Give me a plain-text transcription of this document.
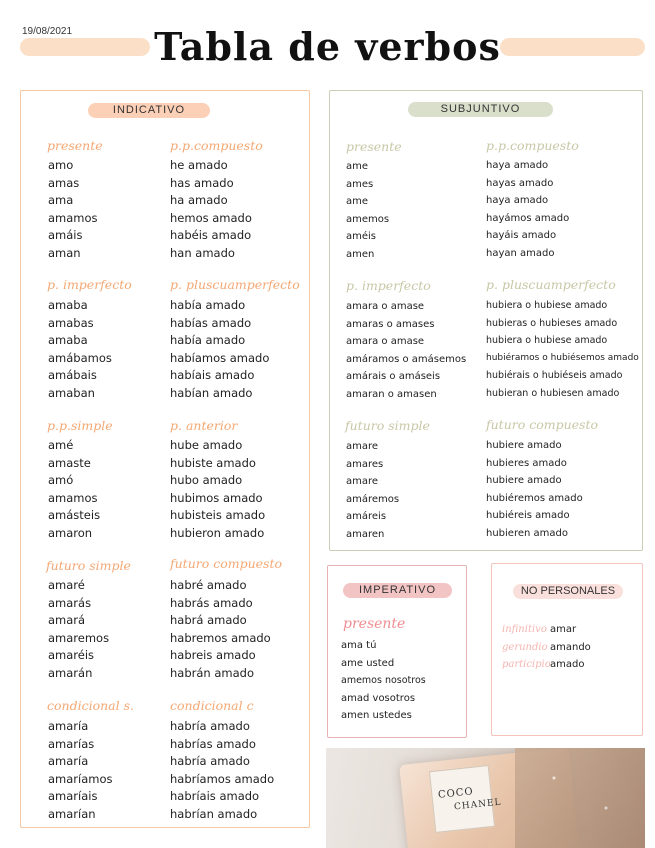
19/08/2021	Tabla de verbos
INDICATIVO
presente
amo
amas
ama
amamos
amáis
aman
p.p.compuesto
he amado
has amado
ha amado
hemos amado
habéis amado
han amado
p. imperfecto
amaba
amabas
amaba
amábamos
amábais
amaban
p. pluscuamperfecto
había amado
habías amado
había amado
habíamos amado
habíais amado
habían amado
p.p.simple
amé
amaste
amó
amamos
amásteis
amaron
p. anterior
hube amado
hubiste amado
hubo amado
hubimos amado
hubisteis amado
hubieron amado
futuro simple
amaré
amarás
amará
amaremos
amaréis
amarán
futuro compuesto
habré amado
habrás amado
habrá amado
habremos amado
habreis amado
habrán amado
condicional s.
amaría
amarías
amaría
amaríamos
amaríais
amarían
condicional c
habría amado
habrías amado
habría amado
habríamos amado
habríais amado
habrían amado
SUBJUNTIVO
presente
ame
ames
ame
amemos
améis
amen
p.p.compuesto
haya amado
hayas amado
haya amado
hayámos amado
hayáis amado
hayan amado
p. imperfecto
amara o amase
amaras o amases
amara o amase
amáramos o amásemos
amárais o amáseis
amaran o amasen
p. pluscuamperfecto
hubiera o hubiese amado
hubieras o hubieses amado
hubiera o hubiese amado
hubiéramos o hubiésemos amado
hubiérais o hubiéseis amado
hubieran o hubiesen amado
futuro simple
amare
amares
amare
amáremos
amáreis
amaren
futuro compuesto
hubiere amado
hubieres amado
hubiere amado
hubiéremos amado
hubiéreis amado
hubieren amado
IMPERATIVO
presente
ama tú
ame usted
amemos nosotros
amad vosotros
amen ustedes
NO PERSONALES
infinitivo amar
gerundio amando
participioamado
COCO
CHANEL
